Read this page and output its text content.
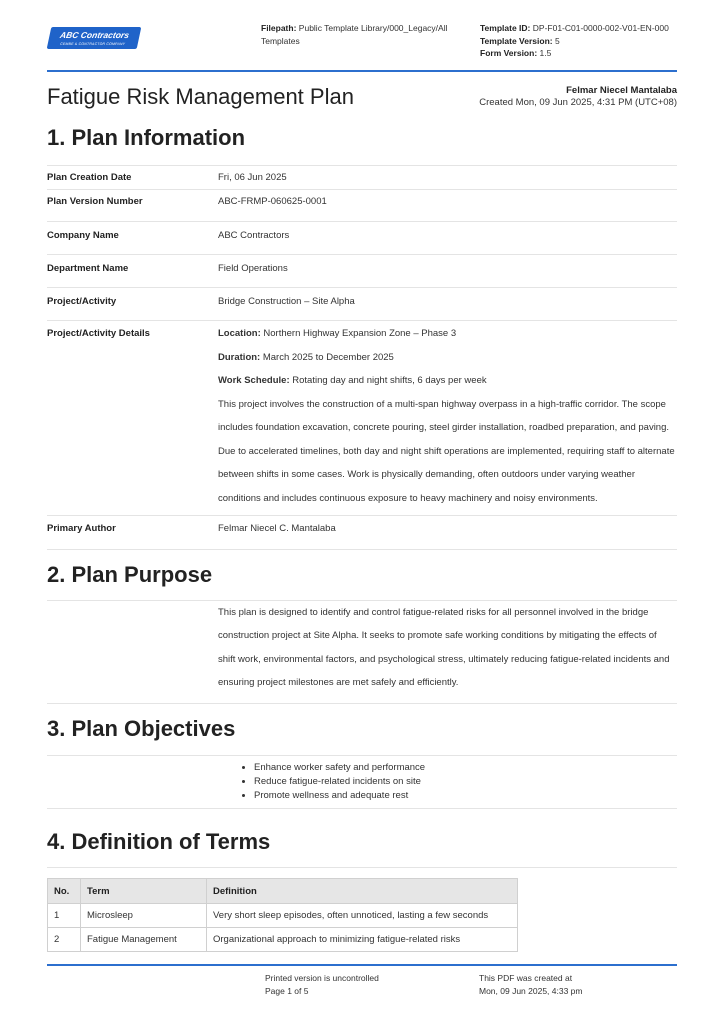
ABC Contractors
CEMBE & CONTRACTOR COMPANY
Filepath: Public Template Library/000_Legacy/All Templates
Template ID: DP-F01-C01-0000-002-V01-EN-000
Template Version: 5
Form Version: 1.5
Fatigue Risk Management Plan	Felmar Niecel Mantalaba
Created Mon, 09 Jun 2025, 4:31 PM (UTC+08)
1. Plan Information
Plan Creation Date	Fri, 06 Jun 2025
Plan Version Number	ABC-FRMP-060625-0001
Company Name	ABC Contractors
Department Name	Field Operations
Project/Activity	Bridge Construction – Site Alpha
Project/Activity Details	Location: Northern Highway Expansion Zone – Phase 3

Duration: March 2025 to December 2025

Work Schedule: Rotating day and night shifts, 6 days per week

This project involves the construction of a multi-span highway overpass in a high-traffic corridor. The scope includes foundation excavation, concrete pouring, steel girder installation, roadbed preparation, and paving. Due to accelerated timelines, both day and night shift operations are implemented, requiring staff to alternate between shifts in some cases. Work is physically demanding, often outdoors under varying weather conditions and includes continuous exposure to heavy machinery and noisy environments.

Primary Author	Felmar Niecel C. Mantalaba
2. Plan Purpose
This plan is designed to identify and control fatigue-related risks for all personnel involved in the bridge construction project at Site Alpha. It seeks to promote safe working conditions by mitigating the effects of shift work, environmental factors, and psychological stress, ultimately reducing fatigue-related incidents and ensuring project milestones are met safely and efficiently.
3. Plan Objectives
• Enhance worker safety and performance
• Reduce fatigue-related incidents on site
• Promote wellness and adequate rest
4. Definition of Terms
No.	Term	Definition
1	Microsleep	Very short sleep episodes, often unnoticed, lasting a few seconds
2	Fatigue Management	Organizational approach to minimizing fatigue-related risks
Printed version is uncontrolled
Page 1 of 5
This PDF was created at
Mon, 09 Jun 2025, 4:33 pm
